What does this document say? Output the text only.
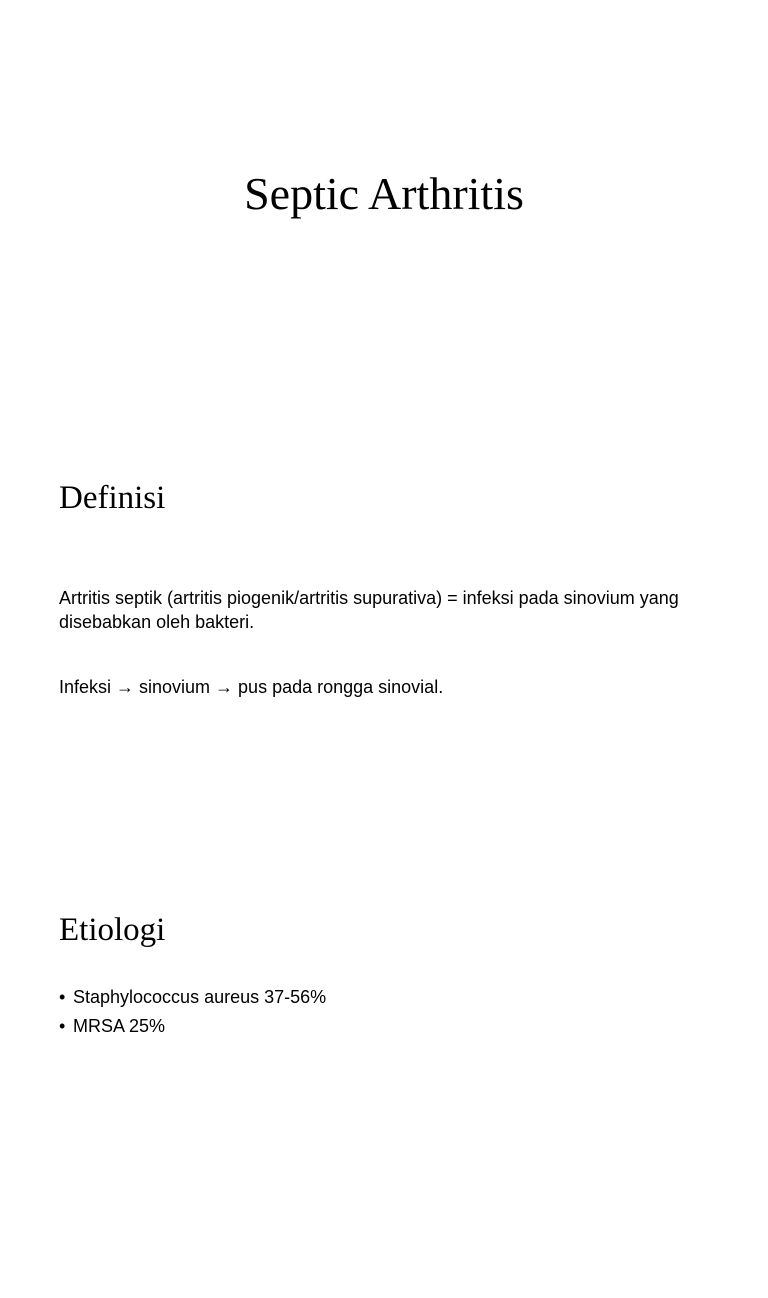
Septic Arthritis
Definisi

Artritis septik (artritis piogenik/artritis supurativa) = infeksi pada sinovium yang disebabkan oleh bakteri.

Infeksi → sinovium → pus pada rongga sinovial.

Etiologi
• Staphylococcus aureus 37-56%
• MRSA 25%
